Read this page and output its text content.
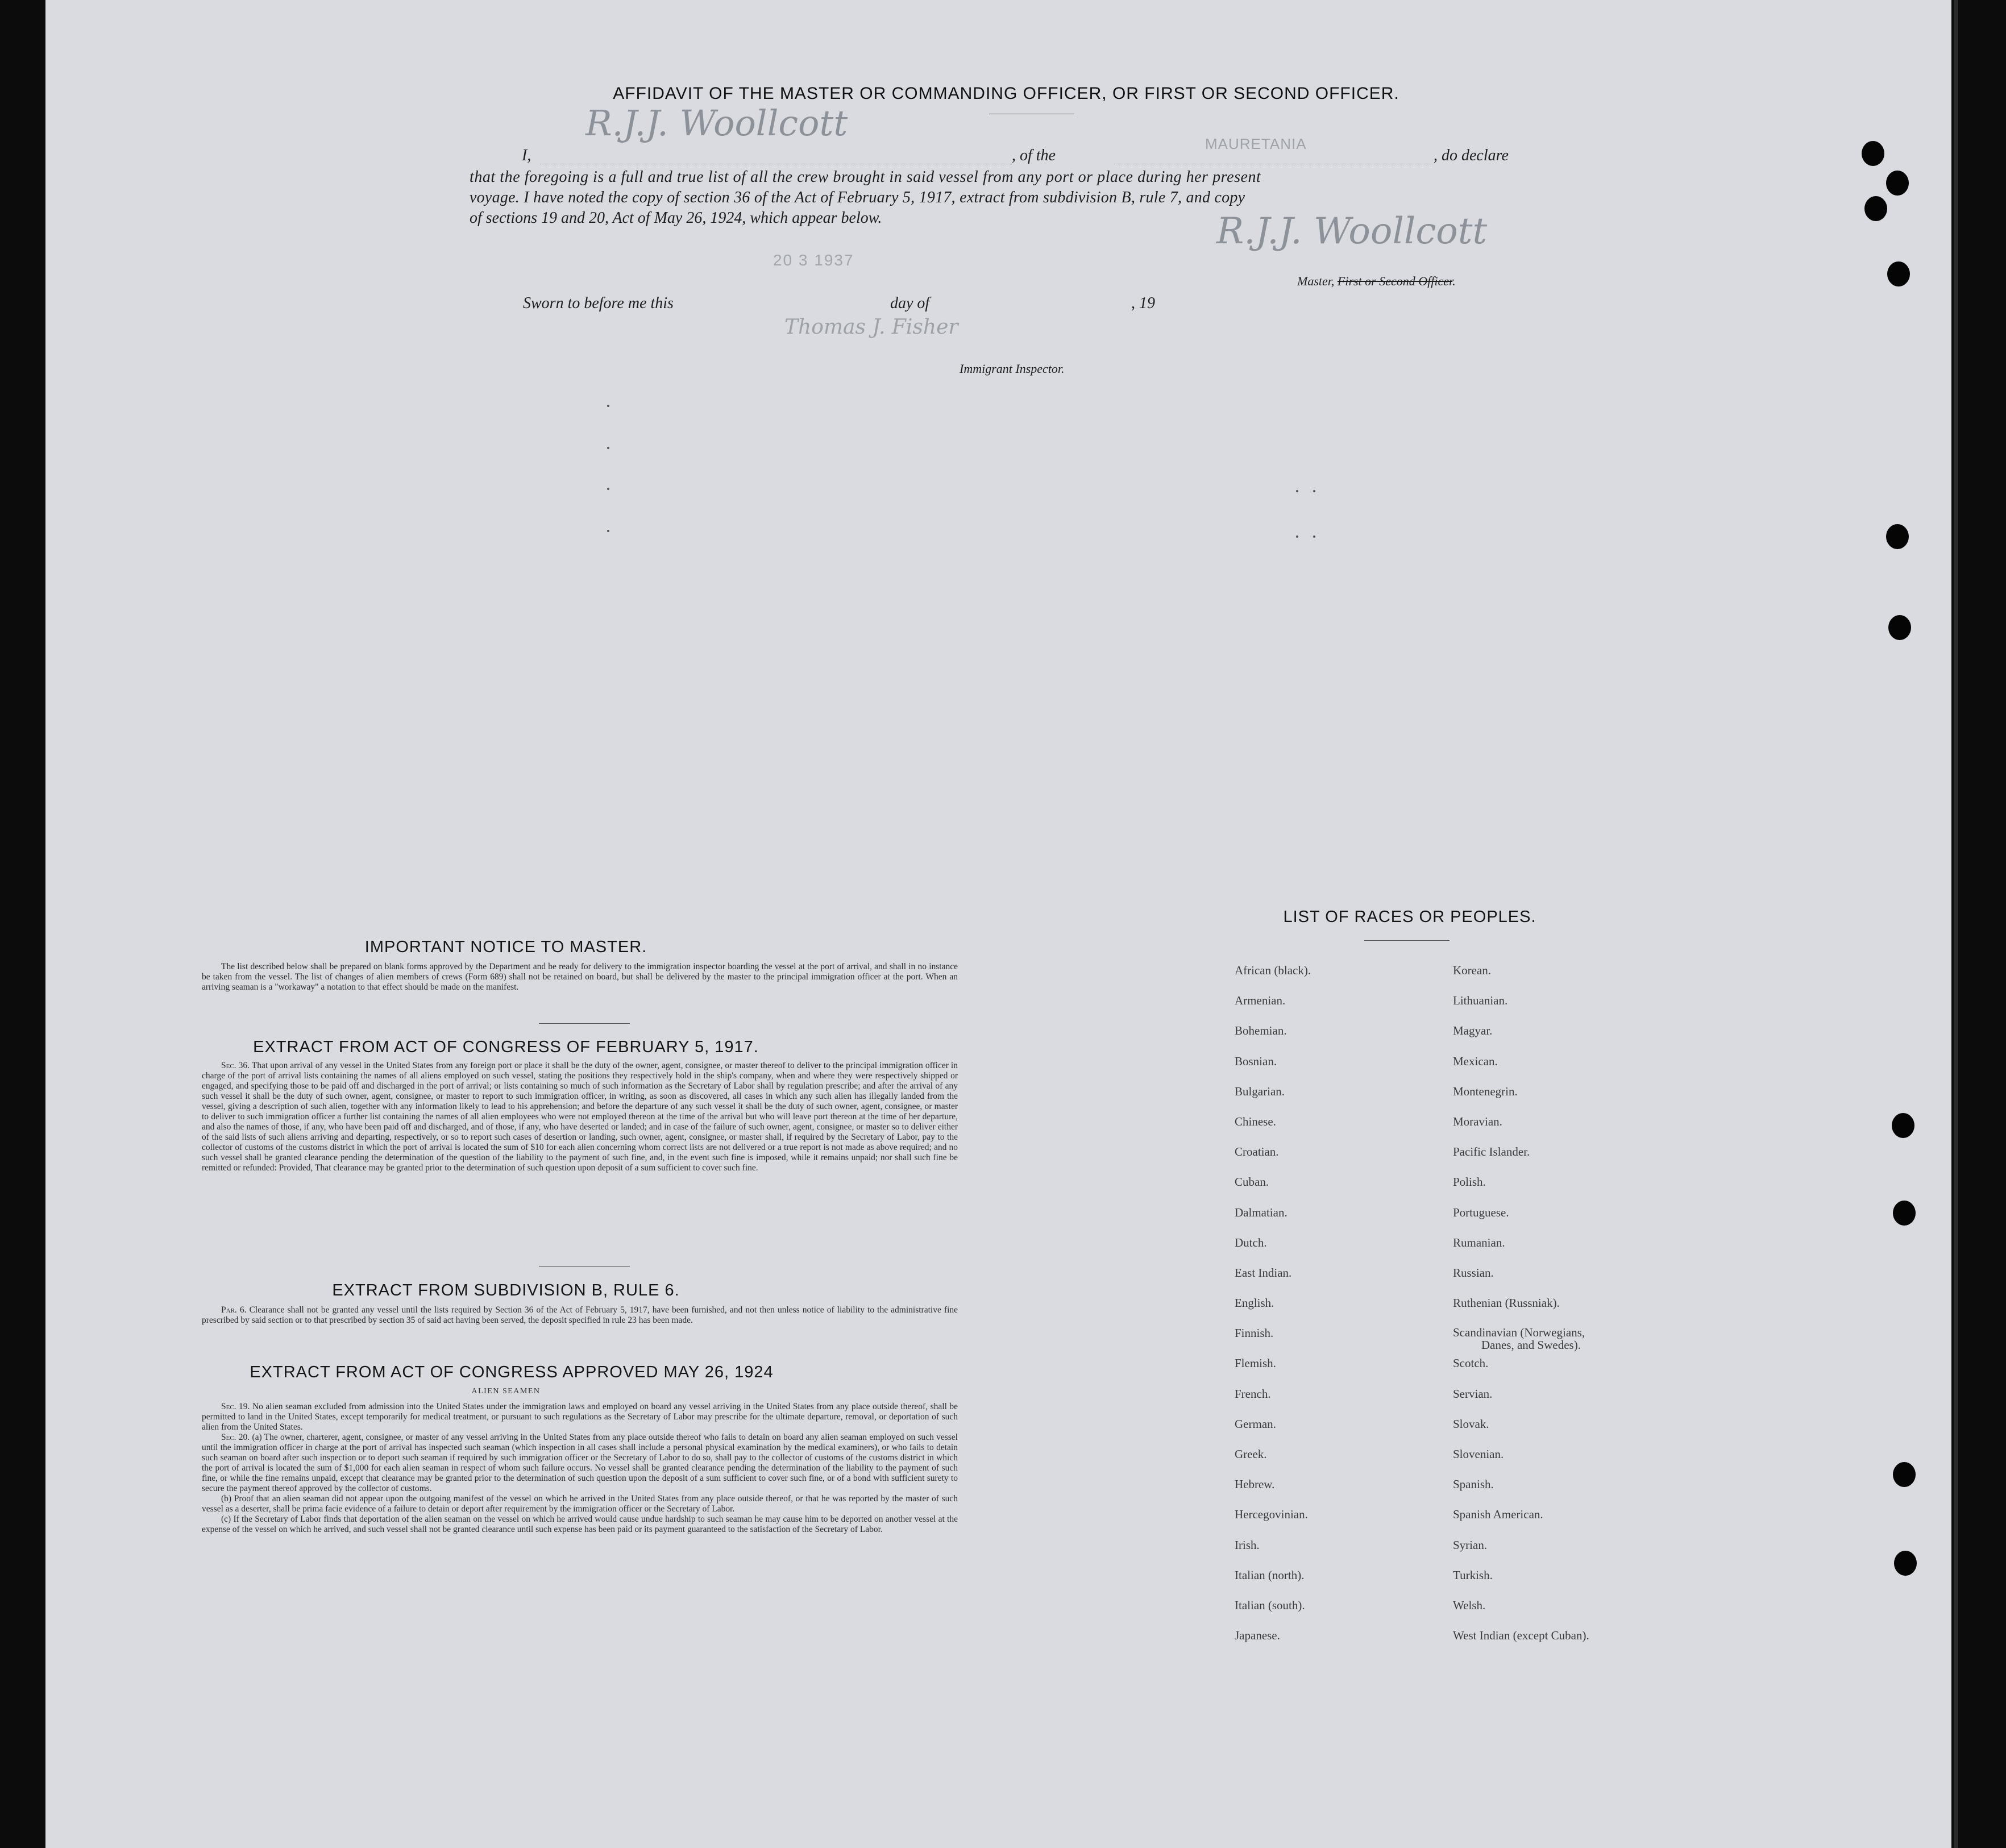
AFFIDAVIT OF THE MASTER OR COMMANDING OFFICER, OR FIRST OR SECOND OFFICER.
I,
R.J.J. Woollcott
, of the
MAURETANIA
, do declare
that the foregoing is a full and true list of all the crew brought in said vessel from any port or place during her present
voyage. I have noted the copy of section 36 of the Act of February 5, 1917, extract from subdivision B, rule 7, and copy
of sections 19 and 20, Act of May 26, 1924, which appear below.
20 3 1937
R.J.J. Woollcott
Master, First or Second Officer.
Sworn to before me this	day of	, 19
Thomas J. Fisher
Immigrant Inspector.
IMPORTANT NOTICE TO MASTER.

The list described below shall be prepared on blank forms approved by the Department and be ready for delivery to the immigration inspector boarding the vessel at the port of arrival, and shall in no instance be taken from the vessel. The list of changes of alien members of crews (Form 689) shall not be retained on board, but shall be delivered by the master to the principal immigration officer at the port. When an arriving seaman is a "workaway" a notation to that effect should be made on the manifest.

EXTRACT FROM ACT OF CONGRESS OF FEBRUARY 5, 1917.

Sec. 36. That upon arrival of any vessel in the United States from any foreign port or place it shall be the duty of the owner, agent, consignee, or master thereof to deliver to the principal immigration officer in charge of the port of arrival lists containing the names of all aliens employed on such vessel, stating the positions they respectively hold in the ship's company, when and where they were respectively shipped or engaged, and specifying those to be paid off and discharged in the port of arrival; or lists containing so much of such information as the Secretary of Labor shall by regulation prescribe; and after the arrival of any such vessel it shall be the duty of such owner, agent, consignee, or master to report to such immigration officer, in writing, as soon as discovered, all cases in which any such alien has illegally landed from the vessel, giving a description of such alien, together with any information likely to lead to his apprehension; and before the departure of any such vessel it shall be the duty of such owner, agent, consignee, or master to deliver to such immigration officer a further list containing the names of all alien employees who were not employed thereon at the time of the arrival but who will leave port thereon at the time of her departure, and also the names of those, if any, who have been paid off and discharged, and of those, if any, who have deserted or landed; and in case of the failure of such owner, agent, consignee, or master so to deliver either of the said lists of such aliens arriving and departing, respectively, or so to report such cases of desertion or landing, such owner, agent, consignee, or master shall, if required by the Secretary of Labor, pay to the collector of customs of the customs district in which the port of arrival is located the sum of $10 for each alien concerning whom correct lists are not delivered or a true report is not made as above required; and no such vessel shall be granted clearance pending the determination of the question of the liability to the payment of such fine, and, in the event such fine is imposed, while it remains unpaid; nor shall such fine be remitted or refunded: Provided, That clearance may be granted prior to the determination of such question upon deposit of a sum sufficient to cover such fine.

EXTRACT FROM SUBDIVISION B, RULE 6.

Par. 6. Clearance shall not be granted any vessel until the lists required by Section 36 of the Act of February 5, 1917, have been furnished, and not then unless notice of liability to the administrative fine prescribed by said section or to that prescribed by section 35 of said act having been served, the deposit specified in rule 23 has been made.

EXTRACT FROM ACT OF CONGRESS APPROVED MAY 26, 1924
ALIEN SEAMEN

Sec. 19. No alien seaman excluded from admission into the United States under the immigration laws and employed on board any vessel arriving in the United States from any place outside thereof, shall be permitted to land in the United States, except temporarily for medical treatment, or pursuant to such regulations as the Secretary of Labor may prescribe for the ultimate departure, removal, or deportation of such alien from the United States.

Sec. 20. (a) The owner, charterer, agent, consignee, or master of any vessel arriving in the United States from any place outside thereof who fails to detain on board any alien seaman employed on such vessel until the immigration officer in charge at the port of arrival has inspected such seaman (which inspection in all cases shall include a personal physical examination by the medical examiners), or who fails to detain such seaman on board after such inspection or to deport such seaman if required by such immigration officer or the Secretary of Labor to do so, shall pay to the collector of customs of the customs district in which the port of arrival is located the sum of $1,000 for each alien seaman in respect of whom such failure occurs. No vessel shall be granted clearance pending the determination of the liability to the payment of such fine, or while the fine remains unpaid, except that clearance may be granted prior to the determination of such question upon the deposit of a sum sufficient to cover such fine, or of a bond with sufficient surety to secure the payment thereof approved by the collector of customs.

(b) Proof that an alien seaman did not appear upon the outgoing manifest of the vessel on which he arrived in the United States from any place outside thereof, or that he was reported by the master of such vessel as a deserter, shall be prima facie evidence of a failure to detain or deport after requirement by the immigration officer or the Secretary of Labor.

(c) If the Secretary of Labor finds that deportation of the alien seaman on the vessel on which he arrived would cause undue hardship to such seaman he may cause him to be deported on another vessel at the expense of the vessel on which he arrived, and such vessel shall not be granted clearance until such expense has been paid or its payment guaranteed to the satisfaction of the Secretary of Labor.

LIST OF RACES OR PEOPLES.
African (black).
Armenian.
Bohemian.
Bosnian.
Bulgarian.
Chinese.
Croatian.
Cuban.
Dalmatian.
Dutch.
East Indian.
English.
Finnish.
Flemish.
French.
German.
Greek.
Hebrew.
Hercegovinian.
Irish.
Italian (north).
Italian (south).
Japanese.
Korean.
Lithuanian.
Magyar.
Mexican.
Montenegrin.
Moravian.
Pacific Islander.
Polish.
Portuguese.
Rumanian.
Russian.
Ruthenian (Russniak).
Scandinavian (Norwegians,
Danes, and Swedes).
Scotch.
Servian.
Slovak.
Slovenian.
Spanish.
Spanish American.
Syrian.
Turkish.
Welsh.
West Indian (except Cuban).
